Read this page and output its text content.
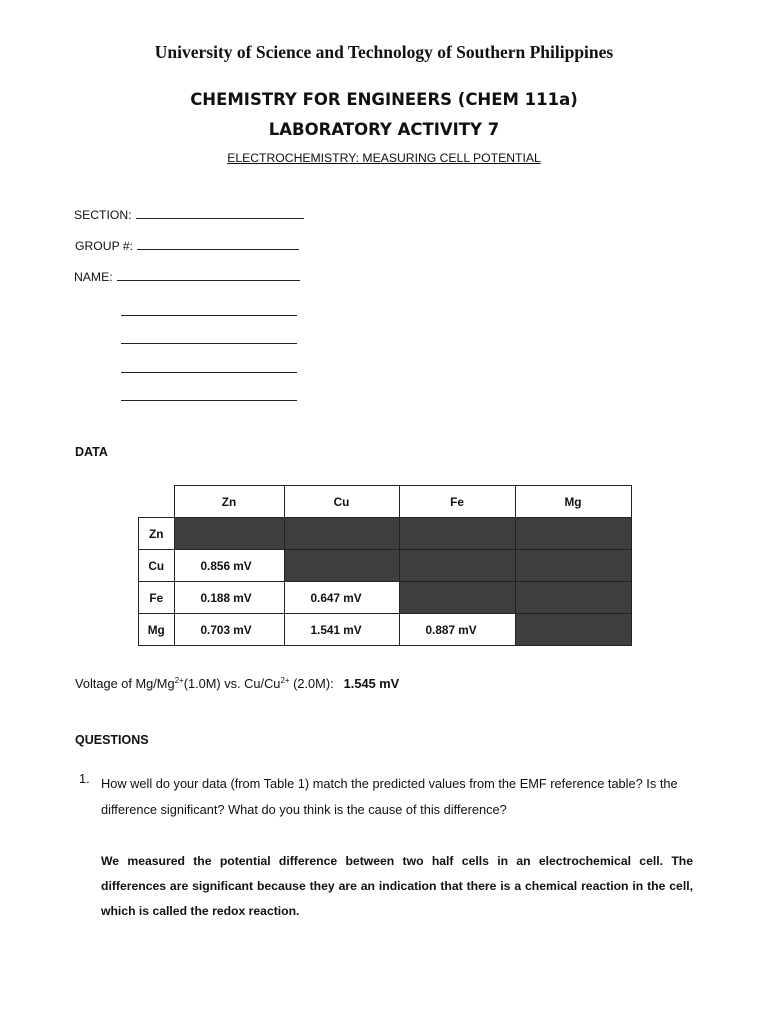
University of Science and Technology of Southern Philippines
CHEMISTRY FOR ENGINEERS (CHEM 111a)
LABORATORY ACTIVITY 7
ELECTROCHEMISTRY: MEASURING CELL POTENTIAL
SECTION:
GROUP #:
NAME:
DATA
	Zn	Cu	Fe	Mg
Zn				
Cu	0.856 mV			
Fe	0.188 mV	0.647 mV		
Mg	0.703 mV	1.541 mV	0.887 mV	
Voltage of $Mg/Mg^{2+}(1.0M)$ vs. $Cu/Cu^{2+}$ (2.0M): 1.545 mV
QUESTIONS
1. How well do your data (from Table 1) match the predicted values from the EMF reference table? Is the difference significant? What do you think is the cause of this difference?
We measured the potential difference between two half cells in an electrochemical cell. The differences are significant because they are an indication that there is a chemical reaction in the cell, which is called the redox reaction.
